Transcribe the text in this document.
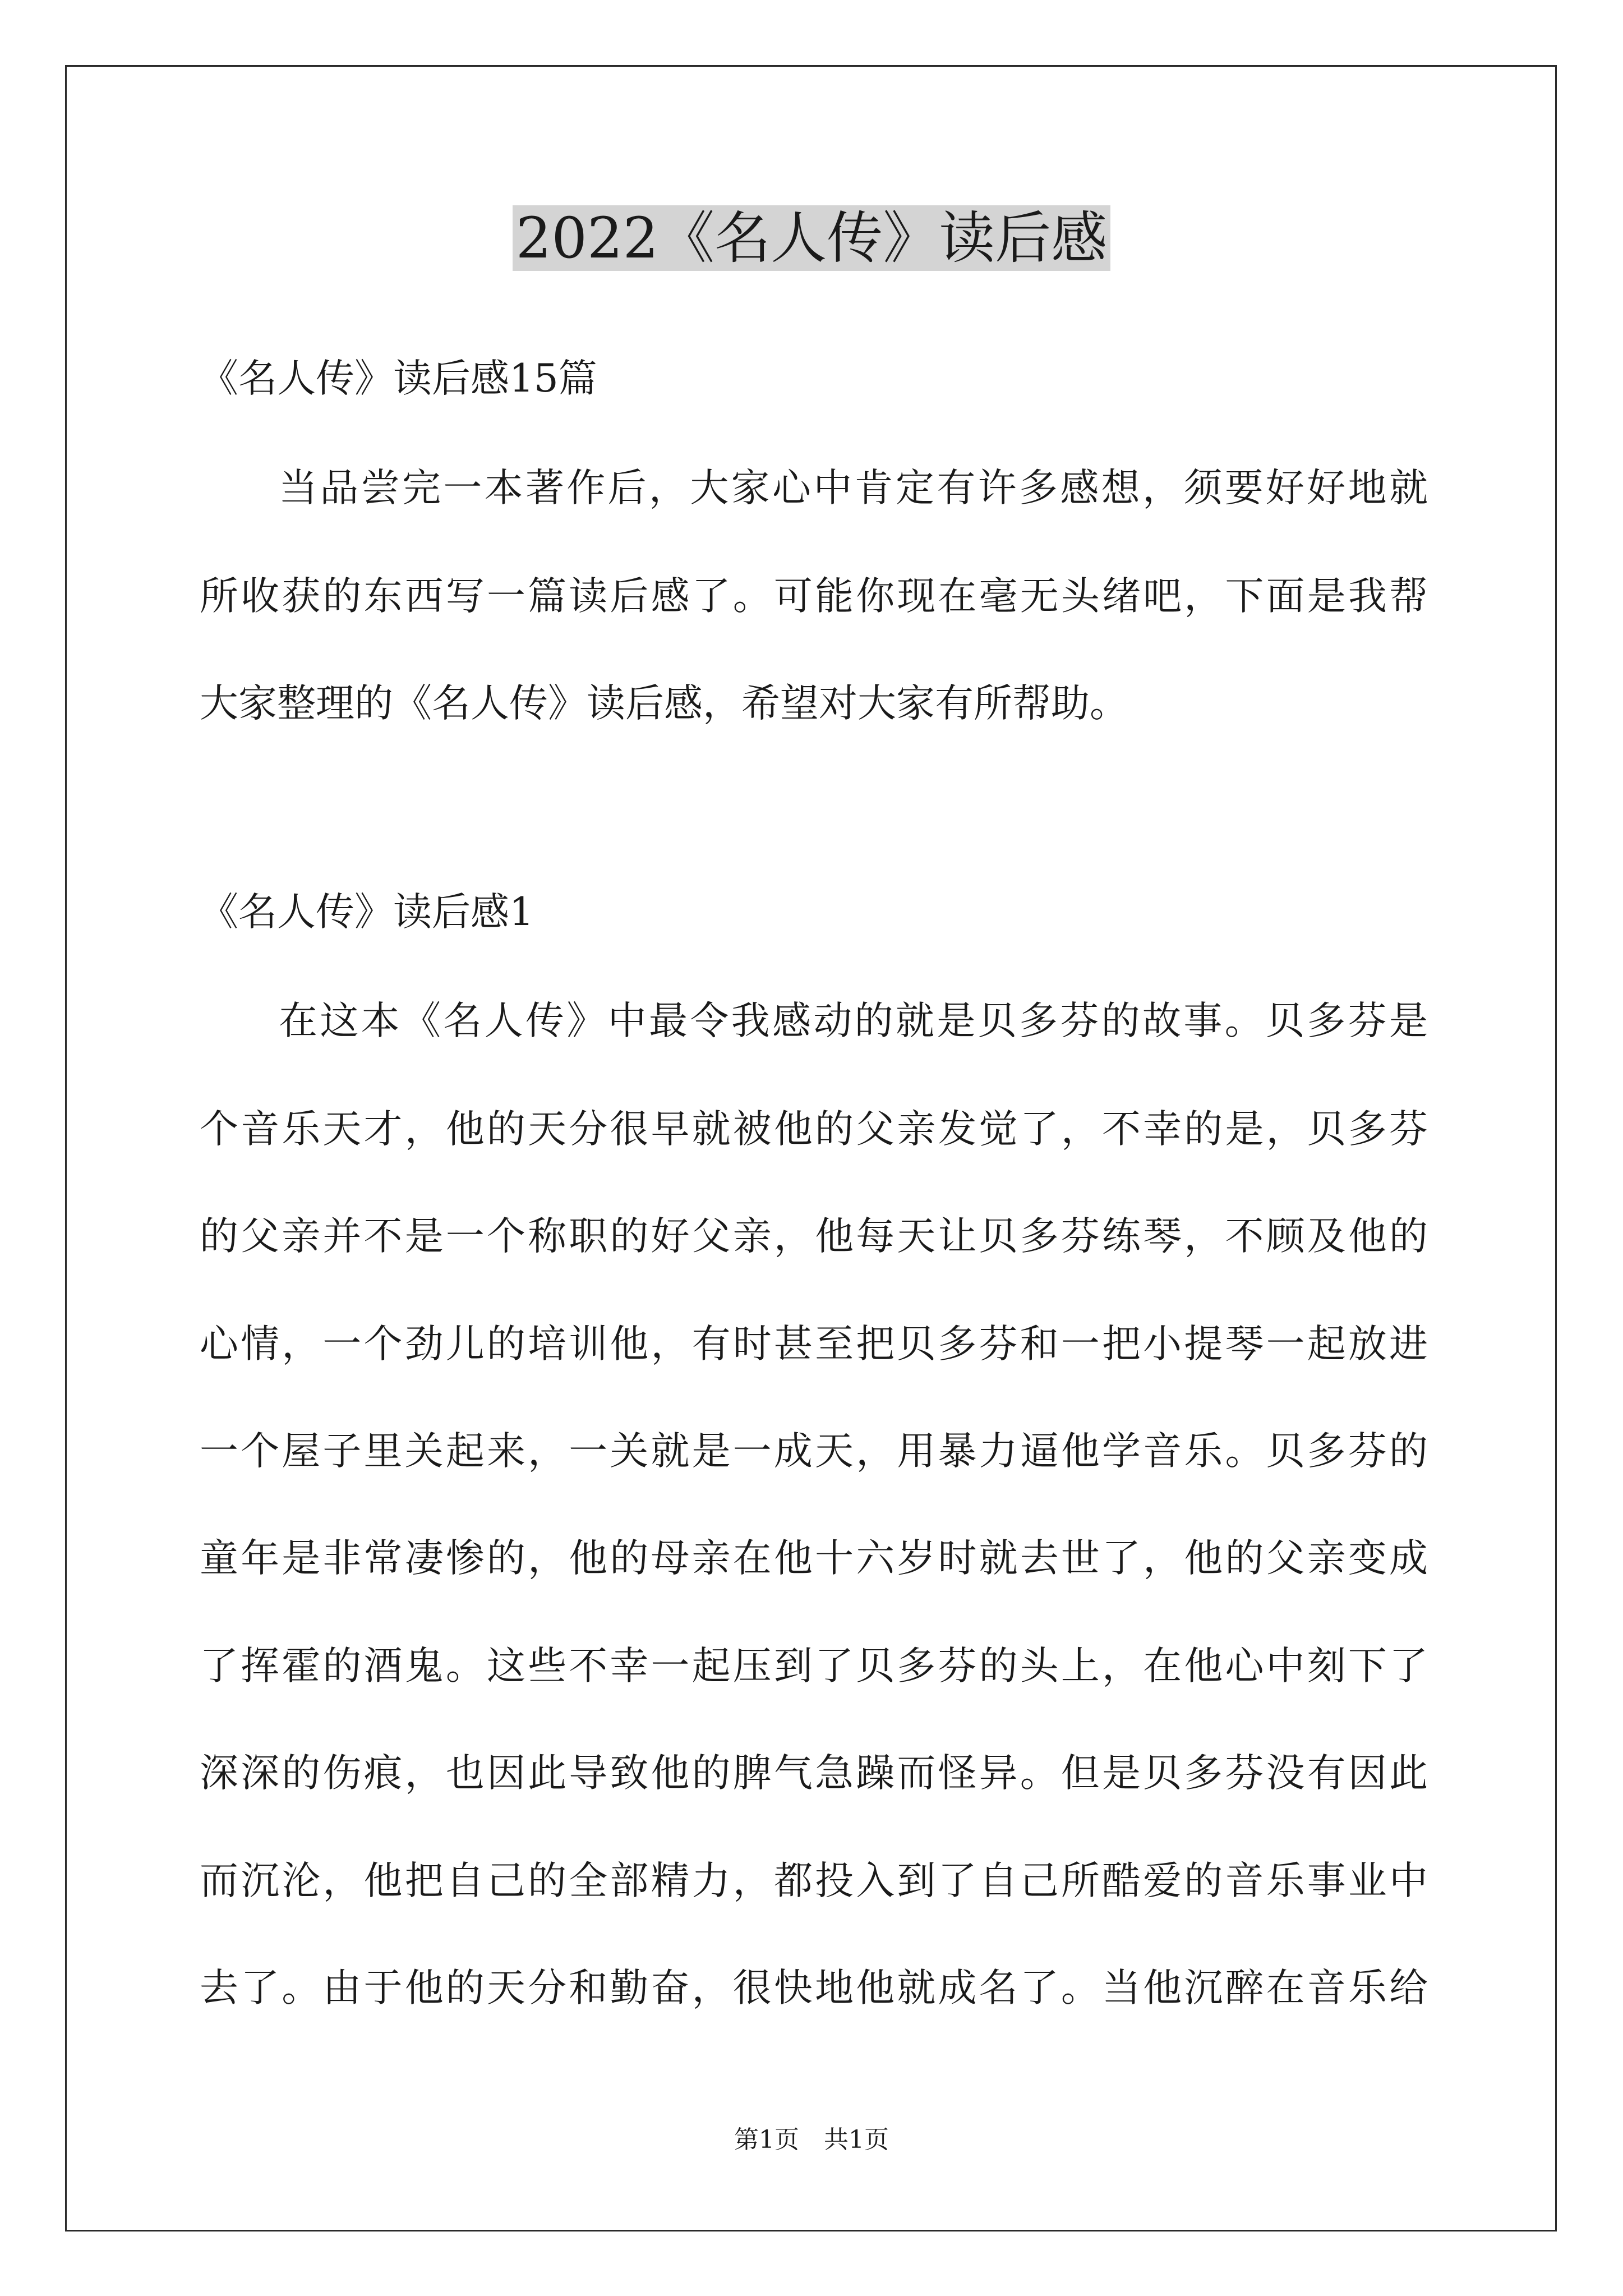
2022《名人传》读后感

《名人传》读后感15篇

当品尝完一本著作后，大家心中肯定有许多感想，须要好好地就

所收获的东西写一篇读后感了。可能你现在毫无头绪吧，下面是我帮

大家整理的《名人传》读后感，希望对大家有所帮助。

《名人传》读后感1

在这本《名人传》中最令我感动的就是贝多芬的故事。贝多芬是

个音乐天才，他的天分很早就被他的父亲发觉了，不幸的是，贝多芬

的父亲并不是一个称职的好父亲，他每天让贝多芬练琴，不顾及他的

心情，一个劲儿的培训他，有时甚至把贝多芬和一把小提琴一起放进

一个屋子里关起来，一关就是一成天，用暴力逼他学音乐。贝多芬的

童年是非常凄惨的，他的母亲在他十六岁时就去世了，他的父亲变成

了挥霍的酒鬼。这些不幸一起压到了贝多芬的头上，在他心中刻下了

深深的伤痕，也因此导致他的脾气急躁而怪异。但是贝多芬没有因此

而沉沦，他把自己的全部精力，都投入到了自己所酷爱的音乐事业中

去了。由于他的天分和勤奋，很快地他就成名了。当他沉醉在音乐给

第1页　共1页
